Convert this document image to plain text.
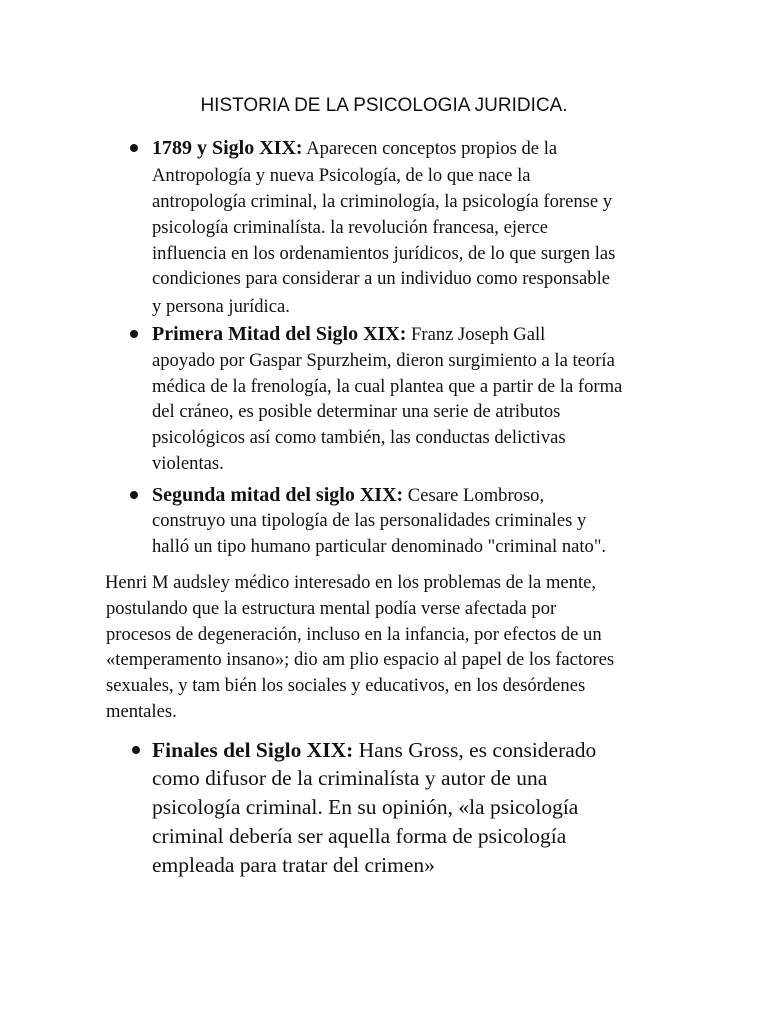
HISTORIA DE LA PSICOLOGIA JURIDICA.
1789 y Siglo XIX: Aparecen conceptos propios de la
Antropología y nueva Psicología, de lo que nace la
antropología criminal, la criminología, la psicología forense y
psicología criminalísta. la revolución francesa, ejerce
influencia en los ordenamientos jurídicos, de lo que surgen las
condiciones para considerar a un individuo como responsable
y persona jurídica.
Primera Mitad del Siglo XIX: Franz Joseph Gall
apoyado por Gaspar Spurzheim, dieron surgimiento a la teoría
médica de la frenología, la cual plantea que a partir de la forma
del cráneo, es posible determinar una serie de atributos
psicológicos así como también, las conductas delictivas
violentas.
Segunda mitad del siglo XIX: Cesare Lombroso,
construyo una tipología de las personalidades criminales y
halló un tipo humano particular denominado "criminal nato".
Henri M audsley médico interesado en los problemas de la mente,
postulando que la estructura mental podía verse afectada por
procesos de degeneración, incluso en la infancia, por efectos de un
«temperamento insano»; dio am plio espacio al papel de los factores
sexuales, y tam bién los sociales y educativos, en los desórdenes
mentales.
Finales del Siglo XIX: Hans Gross, es considerado
como difusor de la criminalísta y autor de una
psicología criminal. En su opinión, «la psicología
criminal debería ser aquella forma de psicología
empleada para tratar del crimen»
